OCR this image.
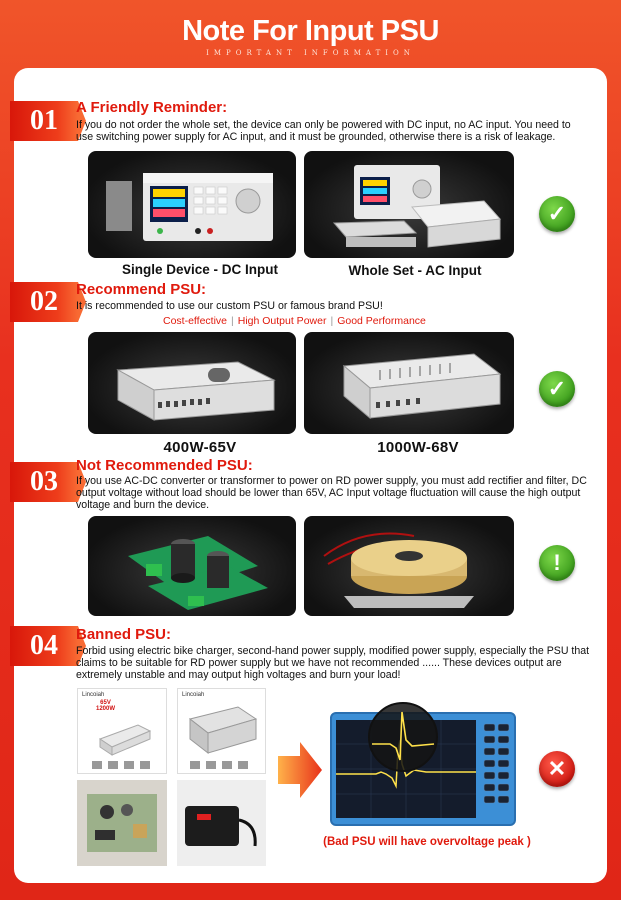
Note For Input PSU
IMPORTANT INFORMATION
01	A Friendly Reminder:
If you do not order the whole set, the device can only be powered with DC input, no AC input. You need to use switching power supply for AC input, and it must be grounded, otherwise there is a risk of leakage.
Single Device - DC Input	Whole Set - AC Input
✓
02	Recommend PSU:
It is recommended to use our custom PSU or famous brand PSU!
Cost-effective | High Output Power | Good Performance
400W-65V	1000W-68V
✓
03
Not Recommended PSU:
If you use AC-DC converter or transformer to power on RD power supply, you must add rectifier and filter, DC output voltage without load should be lower than 65V, AC Input voltage fluctuation will cause the high output voltage and burn the device.
!
04	Banned PSU:
Forbid using electric bike charger, second-hand power supply, modified power supply, especially the PSU that claims to be suitable for RD power supply but we have not recommended ...... These devices output are extremely unstable and may output high voltages and burn your load!
Lincoiah
65V
1200W
Lincoiah
(Bad PSU will have overvoltage peak )
✕
